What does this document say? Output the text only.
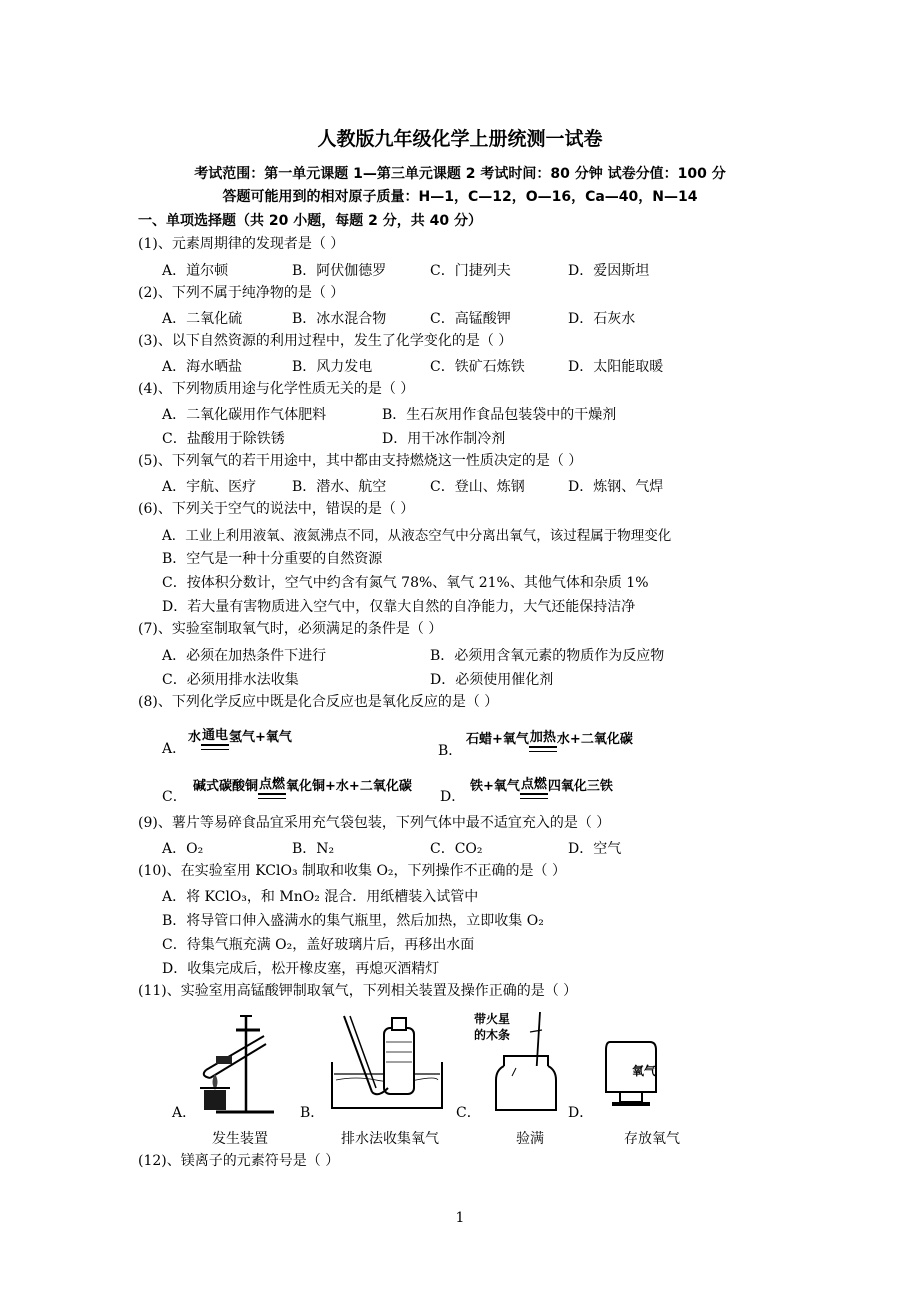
人教版九年级化学上册统测一试卷
考试范围：第一单元课题 1—第三单元课题 2 考试时间：80 分钟 试卷分值：100 分
答题可能用到的相对原子质量：H—1，C—12，O—16，Ca—40，N—14
一、单项选择题（共 20 小题，每题 2 分，共 40 分）
(1)、元素周期律的发现者是（ ）
A．道尔顿	B．阿伏伽德罗	C．门捷列夫	D．爱因斯坦
(2)、下列不属于纯净物的是（ ）
A．二氧化硫	B．冰水混合物	C．高锰酸钾	D．石灰水
(3)、以下自然资源的利用过程中，发生了化学变化的是（ ）
A．海水晒盐	B．风力发电	C．铁矿石炼铁	D．太阳能取暖
(4)、下列物质用途与化学性质无关的是（ ）
A．二氧化碳用作气体肥料	B．生石灰用作食品包装袋中的干燥剂
C．盐酸用于除铁锈	D．用干冰作制冷剂
(5)、下列氧气的若干用途中，其中都由支持燃烧这一性质决定的是（ ）
A．宇航、医疗	B．潜水、航空	C．登山、炼钢	D．炼钢、气焊
(6)、下列关于空气的说法中，错误的是（ ）
A．工业上利用液氧、液氮沸点不同，从液态空气中分离出氧气，该过程属于物理变化
B．空气是一种十分重要的自然资源
C．按体积分数计，空气中约含有氮气 78%、氧气 21%、其他气体和杂质 1%
D．若大量有害物质进入空气中，仅靠大自然的自净能力，大气还能保持洁净
(7)、实验室制取氧气时，必须满足的条件是（ ）
A．必须在加热条件下进行	B．必须用含氧元素的物质作为反应物
C．必须用排水法收集	D．必须使用催化剂
(8)、下列化学反应中既是化合反应也是氧化反应的是（ ）
A．
水通电氢气+氧气
B．
石蜡+氧气加热水+二氧化碳
C．
碱式碳酸铜点燃氧化铜+水+二氧化碳
D．
铁+氧气点燃四氧化三铁
(9)、薯片等易碎食品宜采用充气袋包装，下列气体中最不适宜充入的是（ ）
A．O₂	B．N₂	C．CO₂	D．空气
(10)、在实验室用 KClO₃ 制取和收集 O₂，下列操作不正确的是（ ）
A．将 KClO₃，和 MnO₂ 混合．用纸槽装入试管中
B．将导管口伸入盛满水的集气瓶里，然后加热，立即收集 O₂
C．待集气瓶充满 O₂，盖好玻璃片后，再移出水面
D．收集完成后，松开橡皮塞，再熄灭酒精灯
(11)、实验室用高锰酸钾制取氧气，下列相关装置及操作正确的是（ ）
A．
发生装置
B．
排水法收集氧气
C．
带火星
的木条
验满
D．
氧气
存放氧气
(12)、镁离子的元素符号是（ ）
1
